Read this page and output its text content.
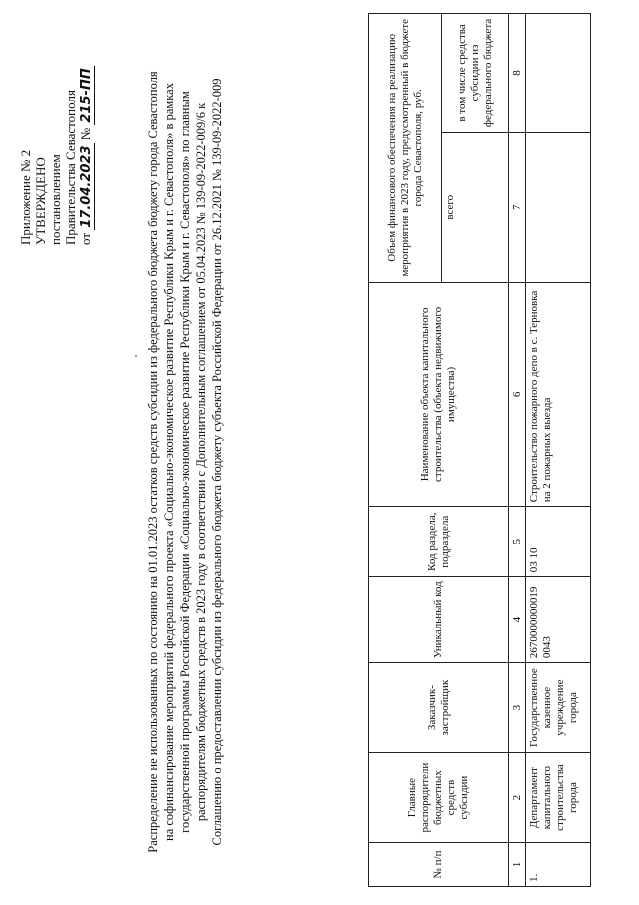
Приложение № 2 УТВЕРЖДЕНО постановлением Правительства Севастополя от 17.04.2023 № 215-ПП	Распределение не использованных по состоянию на 01.01.2023 остатков средств субсидии из федерального бюджета бюджету города Севастополя на софинансирование мероприятий федерального проекта «Социально-экономическое развитие Республики Крым и г. Севастополя» в рамках государственной программы Российской Федерации «Социально-экономическое развитие Республики Крым и г. Севастополя» по главным распорядителям бюджетных средств в 2023 году в соответствии с Дополнительным соглашением от 05.04.2023 № 139-09-2022-009/6 к Соглашению о предоставлении субсидии из федерального бюджета бюджету субъекта Российской Федерации от 26.12.2021 № 139-09-2022-009
№ п/п	Главные распорядители бюджетных средств субсидии	Заказчик-застройщик	Уникальный код	Код раздела, подраздела	Наименование объекта капитального строительства (объекта недвижимого имущества)	Объем финансового обеспечения на реализацию мероприятия в 2023 году, предусмотренный в бюджете города Севастополя, руб.	
						всего	в том числе средства субсидии из федерального бюджета
1	2	3	4	5	6	7	8
1.	Департамент капитального строительства города	Государственное казенное учреждение города	26700000000190043	03 10	Строительство пожарного депо в с. Терновка на 2 пожарных выезда		
